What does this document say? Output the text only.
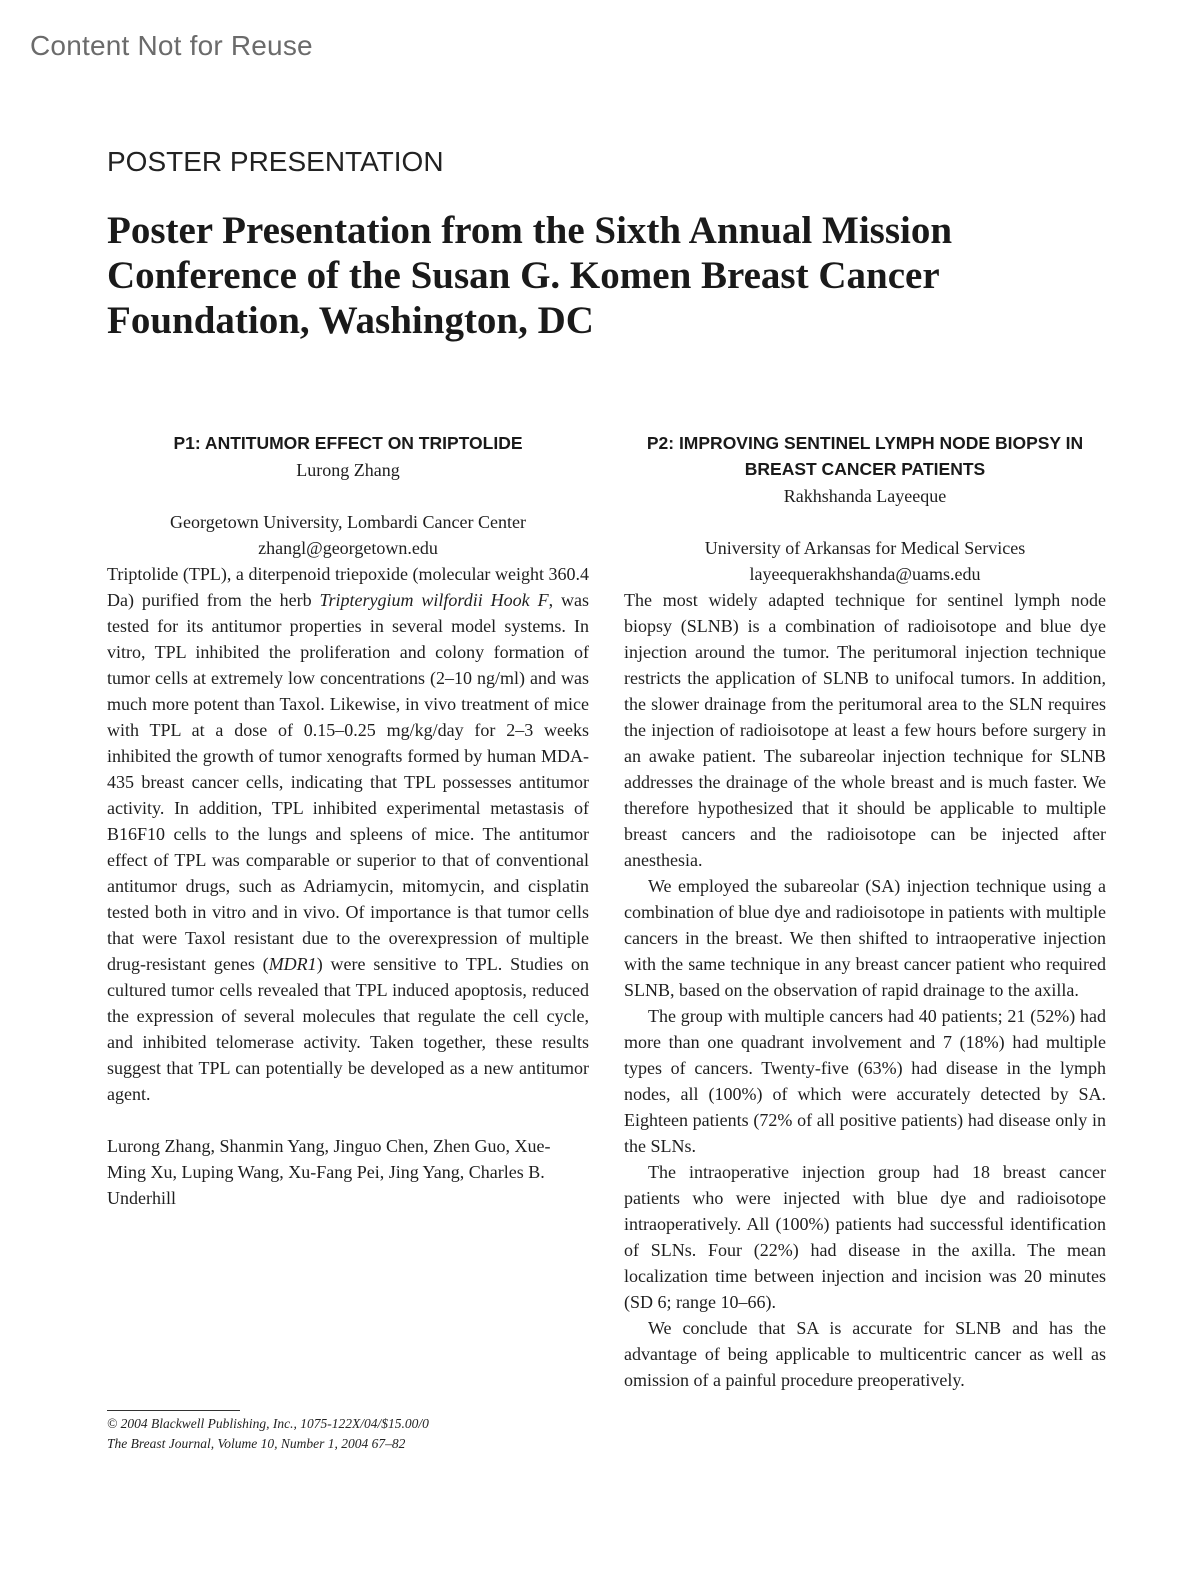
Content Not for Reuse
POSTER PRESENTATION
Poster Presentation from the Sixth Annual Mission Conference of the Susan G. Komen Breast Cancer Foundation, Washington, DC
P1: ANTITUMOR EFFECT ON TRIPTOLIDE

Lurong Zhang

Georgetown University, Lombardi Cancer Center

zhangl@georgetown.edu

Triptolide (TPL), a diterpenoid triepoxide (molecular weight 360.4 Da) purified from the herb Tripterygium wilfordii Hook F, was tested for its antitumor properties in several model systems. In vitro, TPL inhibited the proliferation and colony formation of tumor cells at extremely low concentrations (2–10 ng/ml) and was much more potent than Taxol. Likewise, in vivo treatment of mice with TPL at a dose of 0.15–0.25 mg/kg/day for 2–3 weeks inhibited the growth of tumor xenografts formed by human MDA-435 breast cancer cells, indicating that TPL possesses antitumor activity. In addition, TPL inhibited experimental metastasis of B16F10 cells to the lungs and spleens of mice. The antitumor effect of TPL was comparable or superior to that of conventional antitumor drugs, such as Adriamycin, mitomycin, and cisplatin tested both in vitro and in vivo. Of importance is that tumor cells that were Taxol resistant due to the overexpression of multiple drug-resistant genes (MDR1) were sensitive to TPL. Studies on cultured tumor cells revealed that TPL induced apoptosis, reduced the expression of several molecules that regulate the cell cycle, and inhibited telomerase activity. Taken together, these results suggest that TPL can potentially be developed as a new antitumor agent.

Lurong Zhang, Shanmin Yang, Jinguo Chen, Zhen Guo, Xue-Ming Xu, Luping Wang, Xu-Fang Pei, Jing Yang, Charles B. Underhill

P2: IMPROVING SENTINEL LYMPH NODE BIOPSY IN BREAST CANCER PATIENTS

Rakhshanda Layeeque

University of Arkansas for Medical Services

layeequerakhshanda@uams.edu

The most widely adapted technique for sentinel lymph node biopsy (SLNB) is a combination of radioisotope and blue dye injection around the tumor. The peritumoral injection technique restricts the application of SLNB to unifocal tumors. In addition, the slower drainage from the peritumoral area to the SLN requires the injection of radioisotope at least a few hours before surgery in an awake patient. The subareolar injection technique for SLNB addresses the drainage of the whole breast and is much faster. We therefore hypothesized that it should be applicable to multiple breast cancers and the radioisotope can be injected after anesthesia.

We employed the subareolar (SA) injection technique using a combination of blue dye and radioisotope in patients with multiple cancers in the breast. We then shifted to intraoperative injection with the same technique in any breast cancer patient who required SLNB, based on the observation of rapid drainage to the axilla.

The group with multiple cancers had 40 patients; 21 (52%) had more than one quadrant involvement and 7 (18%) had multiple types of cancers. Twenty-five (63%) had disease in the lymph nodes, all (100%) of which were accurately detected by SA. Eighteen patients (72% of all positive patients) had disease only in the SLNs.

The intraoperative injection group had 18 breast cancer patients who were injected with blue dye and radioisotope intraoperatively. All (100%) patients had successful identification of SLNs. Four (22%) had disease in the axilla. The mean localization time between injection and incision was 20 minutes (SD 6; range 10–66).

We conclude that SA is accurate for SLNB and has the advantage of being applicable to multicentric cancer as well as omission of a painful procedure preoperatively.

© 2004 Blackwell Publishing, Inc., 1075-122X/04/$15.00/0
The Breast Journal, Volume 10, Number 1, 2004 67–82
